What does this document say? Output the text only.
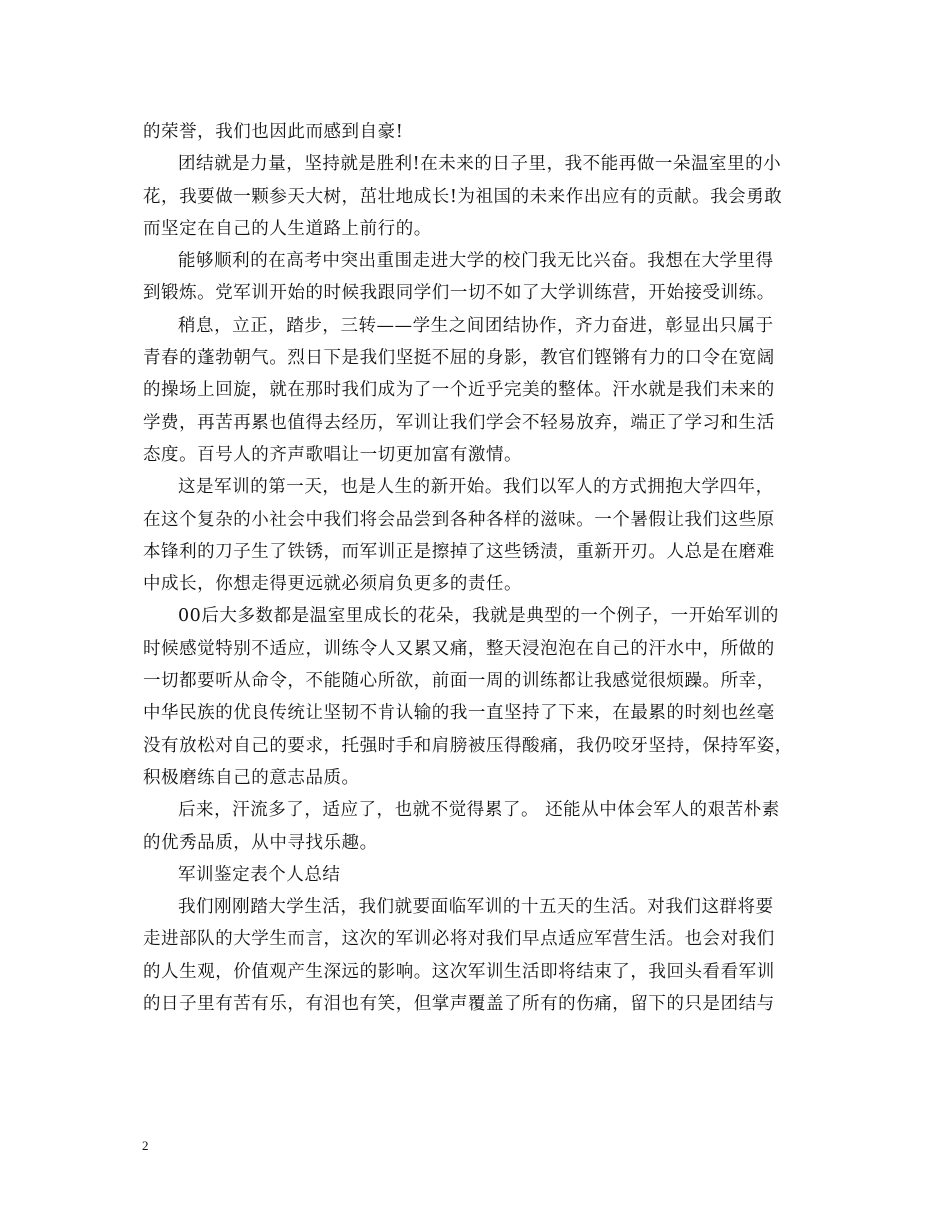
的荣誉，我们也因此而感到自豪!
团结就是力量，坚持就是胜利!在未来的日子里，我不能再做一朵温室里的小
花，我要做一颗参天大树，茁壮地成长!为祖国的未来作出应有的贡献。我会勇敢
而坚定在自己的人生道路上前行的。
能够顺利的在高考中突出重围走进大学的校门我无比兴奋。我想在大学里得
到锻炼。党军训开始的时候我跟同学们一切不如了大学训练营，开始接受训练。
稍息，立正，踏步，三转——学生之间团结协作，齐力奋进，彰显出只属于
青春的蓬勃朝气。烈日下是我们坚挺不屈的身影，教官们铿锵有力的口令在宽阔
的操场上回旋，就在那时我们成为了一个近乎完美的整体。汗水就是我们未来的
学费，再苦再累也值得去经历，军训让我们学会不轻易放弃，端正了学习和生活
态度。百号人的齐声歌唱让一切更加富有激情。
这是军训的第一天，也是人生的新开始。我们以军人的方式拥抱大学四年，
在这个复杂的小社会中我们将会品尝到各种各样的滋味。一个暑假让我们这些原
本锋利的刀子生了铁锈，而军训正是擦掉了这些锈渍，重新开刃。人总是在磨难
中成长，你想走得更远就必须肩负更多的责任。
00后大多数都是温室里成长的花朵，我就是典型的一个例子，一开始军训的
时候感觉特别不适应，训练令人又累又痛，整天浸泡泡在自己的汗水中，所做的
一切都要听从命令，不能随心所欲，前面一周的训练都让我感觉很烦躁。所幸，
中华民族的优良传统让坚韧不肯认输的我一直坚持了下来，在最累的时刻也丝毫
没有放松对自己的要求，托强时手和肩膀被压得酸痛，我仍咬牙坚持，保持军姿，
积极磨练自己的意志品质。
后来，汗流多了，适应了，也就不觉得累了。 还能从中体会军人的艰苦朴素
的优秀品质，从中寻找乐趣。
军训鉴定表个人总结
我们刚刚踏大学生活，我们就要面临军训的十五天的生活。对我们这群将要
走进部队的大学生而言，这次的军训必将对我们早点适应军营生活。也会对我们
的人生观，价值观产生深远的影响。这次军训生活即将结束了，我回头看看军训
的日子里有苦有乐，有泪也有笑，但掌声覆盖了所有的伤痛，留下的只是团结与
2
